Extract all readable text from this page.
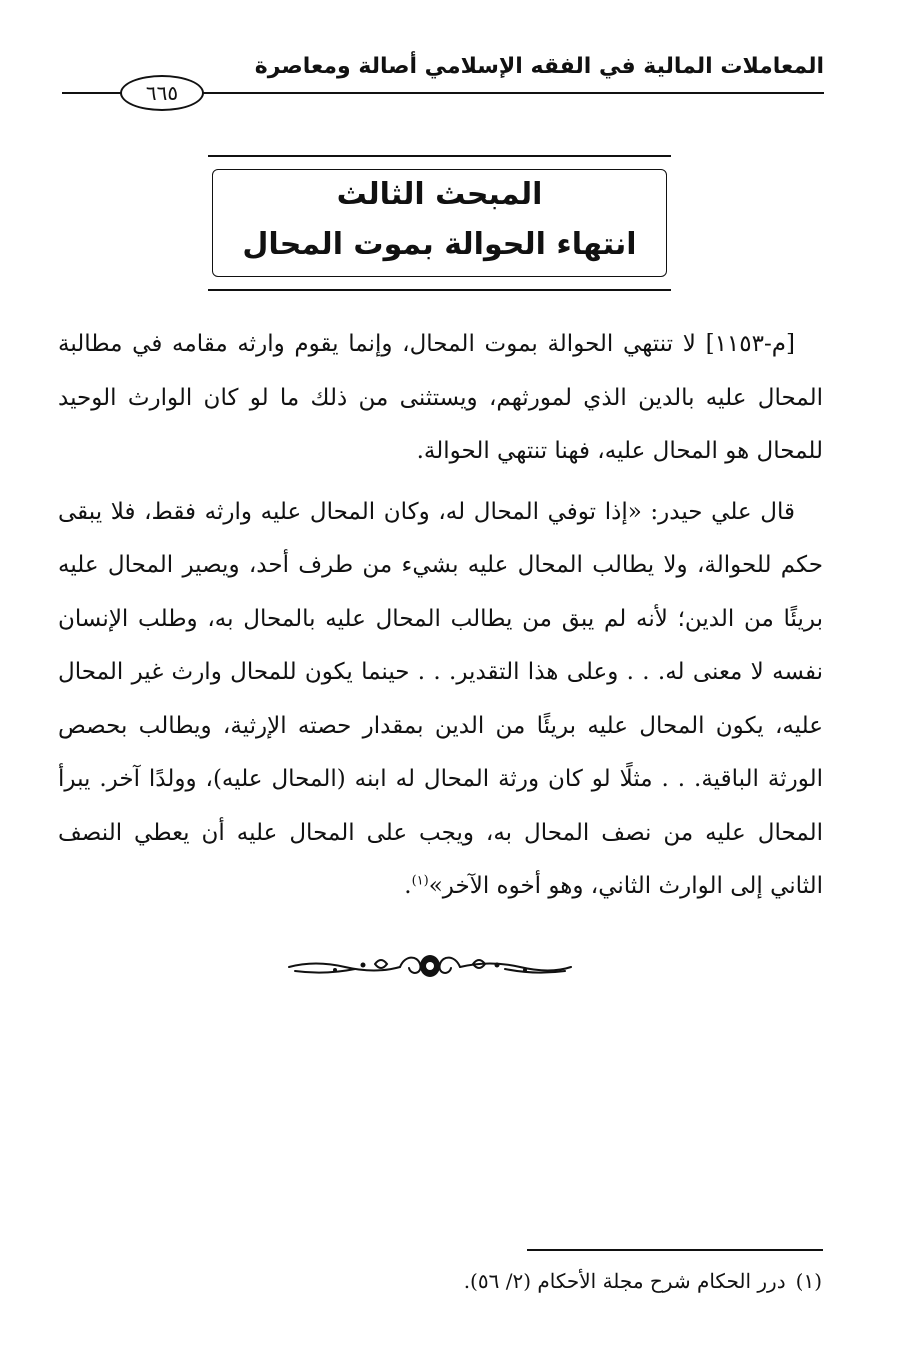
المعاملات المالية في الفقه الإسلامي أصالة ومعاصرة
٦٦٥
المبحث الثالث
انتهاء الحوالة بموت المحال

[م-١١٥٣] لا تنتهي الحوالة بموت المحال، وإنما يقوم وارثه مقامه في مطالبة المحال عليه بالدين الذي لمورثهم، ويستثنى من ذلك ما لو كان الوارث الوحيد للمحال هو المحال عليه، فهنا تنتهي الحوالة.

قال علي حيدر: «إذا توفي المحال له، وكان المحال عليه وارثه فقط، فلا يبقى حكم للحوالة، ولا يطالب المحال عليه بشيء من طرف أحد، ويصير المحال عليه بريئًا من الدين؛ لأنه لم يبق من يطالب المحال عليه بالمحال به، وطلب الإنسان نفسه لا معنى له. . . وعلى هذا التقدير. . . حينما يكون للمحال وارث غير المحال عليه، يكون المحال عليه بريئًا من الدين بمقدار حصته الإرثية، ويطالب بحصص الورثة الباقية. . . مثلًا لو كان ورثة المحال له ابنه (المحال عليه)، وولدًا آخر. يبرأ المحال عليه من نصف المحال به، ويجب على المحال عليه أن يعطي النصف الثاني إلى الوارث الثاني، وهو أخوه الآخر»$^{(١)}$.

(١)درر الحكام شرح مجلة الأحكام (٢/ ٥٦).
